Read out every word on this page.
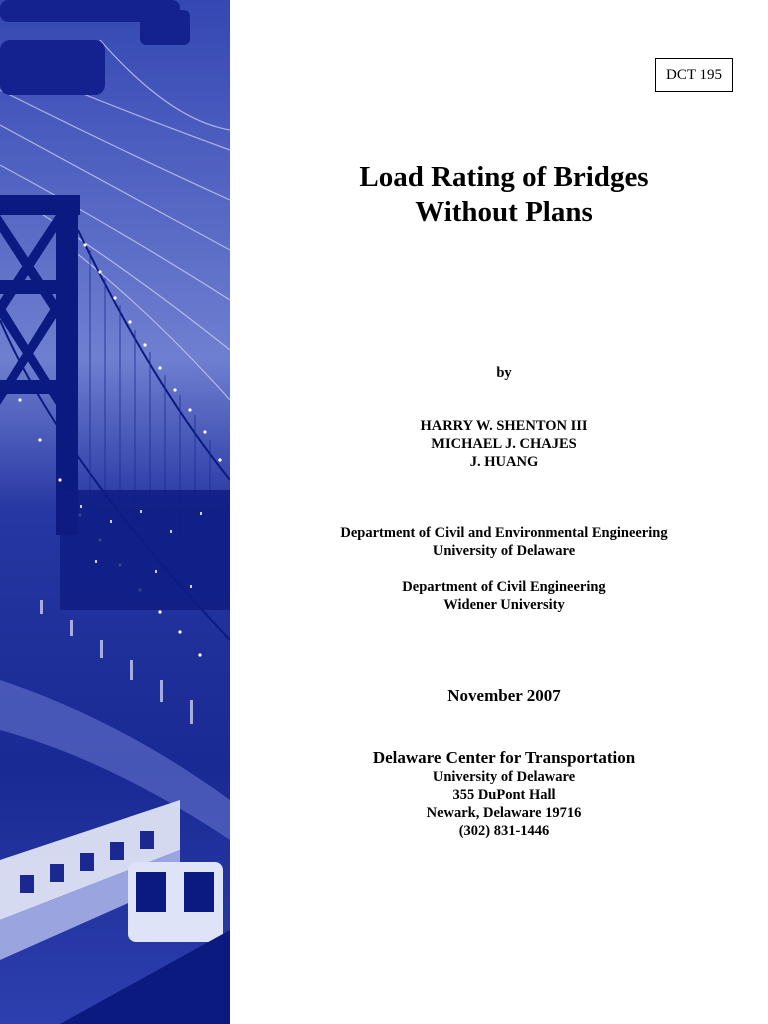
DCT 195
Load Rating of Bridges
Without Plans
by
HARRY W. SHENTON III
MICHAEL J. CHAJES
J. HUANG
Department of Civil and Environmental Engineering
University of Delaware
Department of Civil Engineering
Widener University
November 2007
Delaware Center for Transportation
University of Delaware
355 DuPont Hall
Newark, Delaware 19716
(302) 831-1446
